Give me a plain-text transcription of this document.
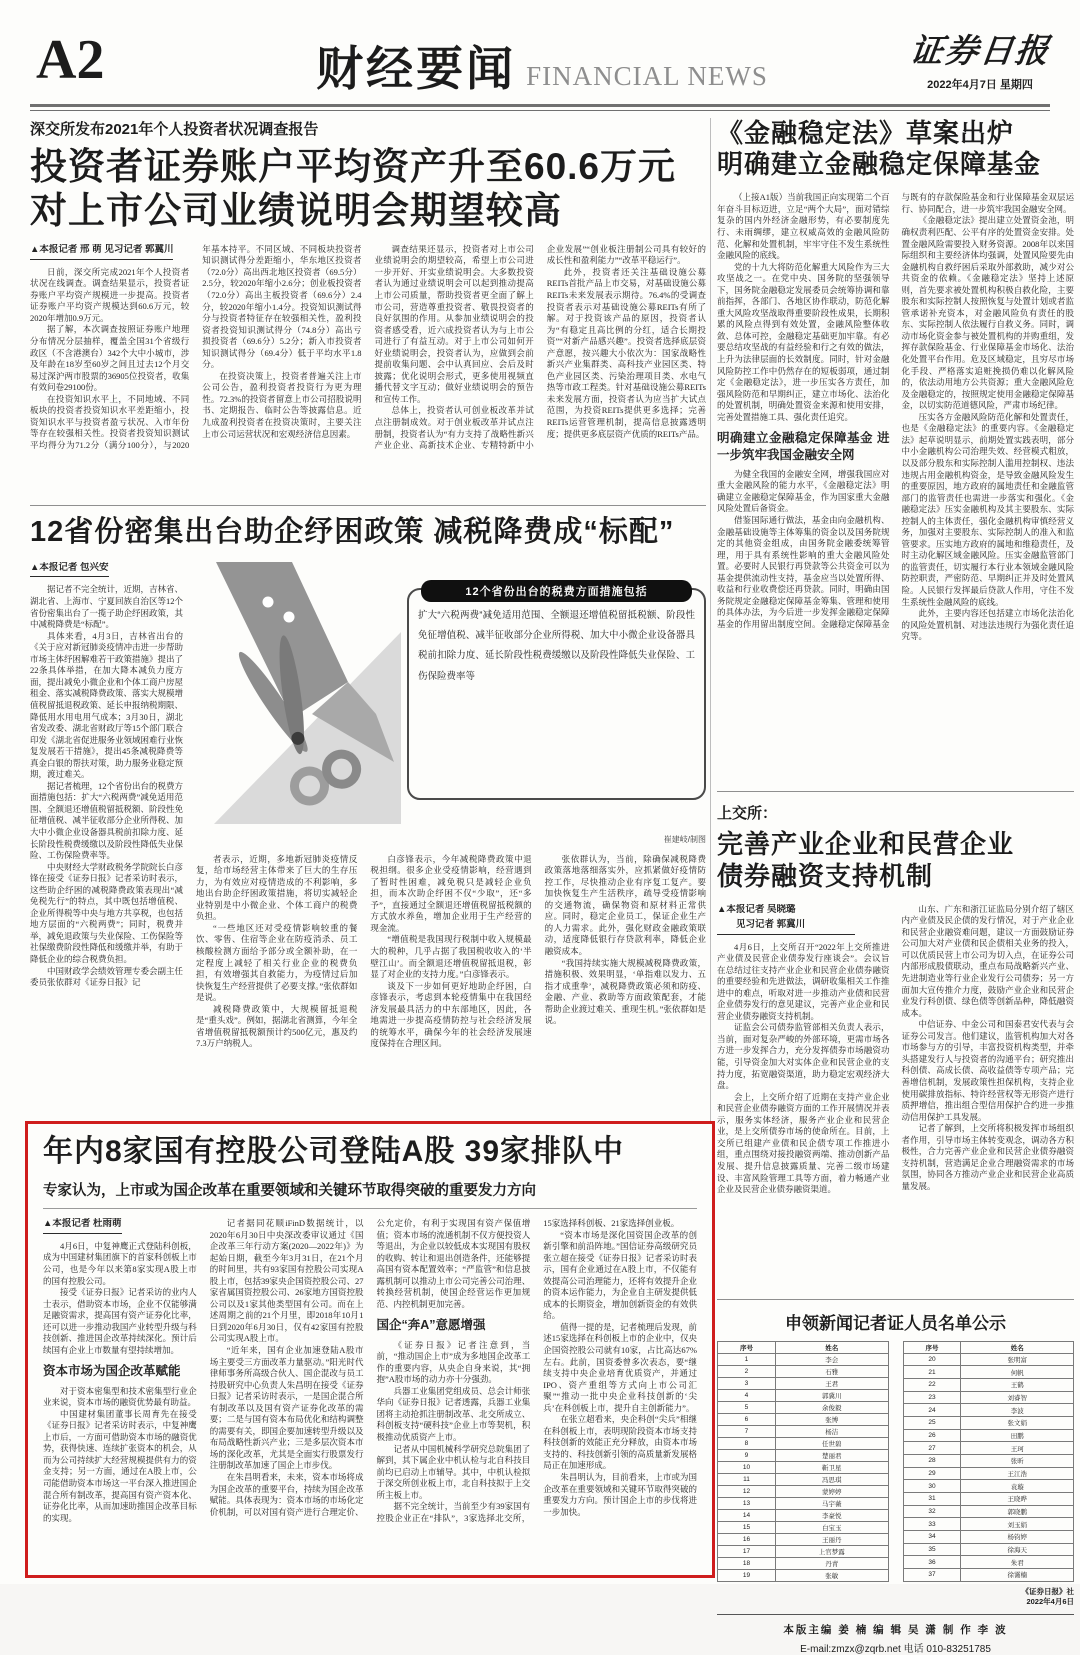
A2	财经要闻 FINANCIAL NEWS
证券日报
2022年4月7日 星期四
深交所发布2021年个人投资者状况调查报告
投资者证券账户平均资产升至60.6万元
对上市公司业绩说明会期望较高
▲本报记者 邢 萌 见习记者 郭冀川

日前，深交所完成2021年个人投资者状况在线调查。调查结果显示，投资者证券账户平均资产规模进一步提高。投资者证券账户平均资产规模达到60.6万元，较2020年增加0.9万元。

据了解，本次调查按照证券账户地理分布情况分层抽样，覆盖全国31个省级行政区（不含港澳台）342个大中小城市，涉及年龄在18岁至60岁之间且过去12个月交易过深沪两市股票的36905位投资者，收集有效问卷29100份。

在投资知识水平上，不同地域、不同板块的投资者投资知识水平差距缩小，投资知识水平与投资者盈亏状况、入市年份等存在较强相关性。投资者投资知识测试平均得分为71.2分（满分100分），与2020年基本持平。不同区域、不同板块投资者知识测试得分差距缩小，华东地区投资者（72.0分）高出西北地区投资者（69.5分）2.5分，较2020年缩小2.6分；创业板投资者（72.0分）高出主板投资者（69.6分）2.4分，较2020年缩小1.4分。投资知识测试得分与投资者特征存在较强相关性，盈利投资者投资知识测试得分（74.8分）高出亏损投资者（69.6分）5.2分；新入市投资者知识测试得分（69.4分）低于平均水平1.8分。

在投资决策上，投资者普遍关注上市公司公告，盈利投资者投资行为更为理性。72.3%的投资者留意上市公司招股说明书、定期报告、临时公告等披露信息。近九成盈利投资者在投资决策时，主要关注上市公司运营状况和宏观经济信息因素。

调查结果还显示，投资者对上市公司业绩说明会的期望较高，希望上市公司进一步开好、开实业绩说明会。大多数投资者认为通过业绩说明会可以起到推动提高上市公司质量，帮助投资者更全面了解上市公司，营造尊重投资者、敬畏投资者的良好氛围的作用。从参加业绩说明会的投资者感受看，近六成投资者认为与上市公司进行了有益互动。对于上市公司如何开好业绩说明会，投资者认为，应做到会前提前收集问题、会中认真回应、会后及时披露；优化说明会形式，更多使用视频直播代替文字互动；做好业绩说明会的预告和宣传工作。

总体上，投资者认可创业板改革并试点注册制成效。对于创业板改革并试点注册制，投资者认为“有力支持了战略性新兴产业企业、高新技术企业、专精特新中小企业发展”“创业板注册制公司具有较好的成长性和盈利能力”“改革平稳运行”。

此外，投资者还关注基础设施公募REITs首批产品上市交易，对基础设施公募REITs未来发展表示期待。76.4%的受调查投资者表示对基础设施公募REITs有所了解。对于投资该产品的原因，投资者认为“有稳定且高比例的分红，适合长期投资”“对新产品感兴趣”。投资者选择底层资产意愿，按兴趣大小依次为：国家战略性新兴产业集群类、高科技产业园区类、特色产业园区类、污染治理项目类、水电气热等市政工程类。针对基础设施公募REITs未来发展方面，投资者认为应当扩大试点范围，为投资REITs提供更多选择；完善REITs运营管理机制，提高信息披露透明度；提供更多底层资产优质的REITs产品。

12省份密集出台助企纾困政策 减税降费成“标配”
▲本报记者 包兴安

据记者不完全统计，近期，吉林省、湖北省、上海市、宁夏回族自治区等12个省份密集出台了一揽子助企纾困政策，其中减税降费是“标配”。

具体来看，4月3日，吉林省出台的《关于应对新冠肺炎疫情冲击进一步帮助市场主体纾困解难若干政策措施》提出了22条具体举措，在加大降本减负力度方面，提出减免小微企业和个体工商户房屋租金、落实减税降费政策、落实大规模增值税留抵退税政策、延长申报纳税期限、降低用水用电用气成本；3月30日，湖北省发改委、湖北省财政厅等15个部门联合印发《湖北省促进服务业领域困难行业恢复发展若干措施》，提出45条减税降费等真金白银的帮扶对策，助力服务业稳定预期，渡过难关。

据记者梳理，12个省份出台的税费方面措施包括：扩大“六税两费”减免适用范围、全额退还增值税留抵税额、阶段性免征增值税、减半征收部分企业所得税、加大中小微企业设备器具税前扣除力度、延长阶段性税费缓缴以及阶段性降低失业保险、工伤保险费率等。

中央财经大学财政税务学院院长白彦锋在接受《证券日报》记者采访时表示，这些助企纾困的减税降费政策表现出“减免税先行”的特点，其中既包括增值税、企业所得税等中央与地方共享税，也包括地方层面的“六税两费”；同时，税费并举，减免退政策与失业保险、工伤保险等社保缴费阶段性降低和缓缴并举，有助于降低企业的综合税费负担。

中国财政学会绩效管理专委会副主任委员张依群对《证券日报》记

12个省份出台的税费方面措施包括
扩大“六税两费”减免适用范围、全额退还增值税留抵税额、阶段性免征增值税、减半征收部分企业所得税、加大中小微企业设备器具税前扣除力度、延长阶段性税费缓缴以及阶段性降低失业保险、工伤保险费率等
崔建岐/制图

者表示，近期，多地新冠肺炎疫情反复，给市场经营主体带来了巨大的生存压力，为有效应对疫情造成的不利影响，多地出台助企纾困政策措施，将切实减轻企业特别是中小微企业、个体工商户的税费负担。

“一些地区还对受疫情影响较重的餐饮、零售、住宿等企业在防疫消杀、员工核酸检测方面给予部分或全额补助，在一定程度上减轻了相关行业企业的税费负担，有效增强其自救能力，为疫情过后加快恢复生产经营提供了必要支撑。”张依群如是说。

减税降费政策中，大规模留抵退税是“重头戏”。例如，据湖北省测算，今年全省增值税留抵税额预计约500亿元，惠及约7.3万户纳税人。

白彦锋表示，今年减税降费政策中退税担纲。很多企业受疫情影响，经营遇到了暂时性困难，减免税只是减轻企业负担，而本次助企纾困不仅“少取”，还“多予”，直接通过全额退还增值税留抵税额的方式放水养鱼，增加企业用于生产经营的现金流。

“增值税是我国现行税制中收入规模最大的税种，几乎占据了我国税收收入的‘半壁江山’。而全额退还增值税留抵退税，彰显了对企业的支持力度。”白彦锋表示。

谈及下一步如何更好地助企纾困，白彦锋表示，考虑到本轮疫情集中在我国经济发展最具活力的中东部地区，因此，各地需进一步提高疫情防控与社会经济发展的统筹水平，确保今年的社会经济发展速度保持在合理区间。

张依群认为，当前，除确保减税降费政策落地落细落实外，应抓紧做好疫情防控工作，尽快推动企业有序复工复产。要加快恢复生产生活秩序，疏导受疫情影响的交通物流，确保物资和原材料正常供应。同时，稳定企业员工，保证企业生产的人力需求。此外，强化财政金融政策联动，适度降低银行存贷款利率，降低企业融资成本。

“我国持续实施大规模减税降费政策，措施积极、效果明显，‘单指难以发力、五指才成重拳’，减税降费政策必须和防疫、金融、产业、救助等方面政策配套，才能帮助企业渡过难关、重现生机。”张依群如是说。

年内8家国有控股公司登陆A股 39家排队中
专家认为，上市或为国企改革在重要领域和关键环节取得突破的重要发力方向
▲本报记者 杜雨萌

4月6日，中复神鹰正式登陆科创板，成为中国建材集团旗下的首家科创板上市公司，也是今年以来第8家实现A股上市的国有控股公司。

接受《证券日报》记者采访的业内人士表示，借助资本市场，企业不仅能够满足融资需求，提高国有资产证券化比率，还可以进一步推动我国产业转型升级与科技创新、推进国企改革持续深化。预计后续国有企业上市数量有望持续增加。

资本市场为国企改革赋能

对于资本密集型和技术密集型行业企业来说，资本市场的融资优势最有助益。

中国建材集团董事长周育先在接受《证券日报》记者采访时表示，中复神鹰上市后，一方面可借助资本市场的融资优势，获得快速、连续扩张资本的机会，从而为公司持续扩大经营规模提供有力的资金支持；另一方面，通过在A股上市，公司能借助资本市场这一平台深入推进国企混合所有制改革，提高国有资产资本化、证券化比率，从而加速助推国企改革目标的实现。

记者据同花顺iFinD数据统计，以2020年6月30日中央深改委审议通过《国企改革三年行动方案(2020—2022年)》为起始日期，截至今年3月31日，在21个月的时间里，共有93家国有控股公司实现A股上市，包括39家央企国资控股公司、27家省属国资控股公司、26家地方国资控股公司以及1家其他类型国有公司。而在上述周期之前的21个月里，即2018年10月1日到2020年6月30日，仅有42家国有控股公司实现A股上市。

“近年来，国有企业加速登陆A股市场主要受三方面改革力量驱动。”阳光时代律师事务所高级合伙人、国企混改与员工持股研究中心负责人朱昌明在接受《证券日报》记者采访时表示，一是国企混合所有制改革以及国有资产证券化改革的需要；二是与国有资本布局优化和结构调整的需要有关，即国企要加速转型升级以及布局战略性新兴产业；三是多层次资本市场的深化改革，尤其是全面实行股票发行注册制改革加速了国企上市步伐。

在朱昌明看来，未来，资本市场将成为国企改革的重要平台，持续为国企改革赋能。具体表现为：资本市场的市场化定价机制，可以对国有资产进行合理定价、公允定价，有利于实现国有资产保值增值；资本市场的流通机制不仅方便投资人等退出，为企业以较低成本实现国有股权的收购、转让和退出创造条件，还能够提高国有资本配置效率；“严监管”和信息披露机制可以推动上市公司完善公司治理、转换经营机制，使国企经营运作更加规范、内控机制更加完善。

国企“奔A”意愿增强

《证券日报》记者注意到，当前，“推动国企上市”成为多地国企改革工作的重要内容，从央企自身来说，其“拥抱”A股市场的动力亦十分强劲。

兵器工业集团党组成员、总会计师张华向《证券日报》记者透露，兵器工业集团将主动抢抓注册制改革、北交所成立、科创板支持“硬科技”企业上市等契机，积极推动优质资产上市。

记者从中国机械科学研究总院集团了解到，其下属企业中机认检与北自科技目前均已启动上市辅导。其中，中机认检拟于深交所创业板上市，北自科技拟于上交所主板上市。

据不完全统计，当前至少有39家国有控股企业正在“排队”，3家选择北交所，15家选择科创板、21家选择创业板。

“资本市场是深化国资国企改革的创新引擎和前沿阵地。”国信证券高级研究员张立超在接受《证券日报》记者采访时表示，国有企业通过在A股上市，不仅能有效提高公司治理能力，还将有效提升企业的资本运作能力，为企业自主研发提供低成本的长期资金，增加创新资金的有效供给。

值得一提的是，记者梳理后发现，前述15家选择在科创板上市的企业中，仅央企国资控股公司就有10家，占比高达67%左右。此前，国资委曾多次表态，要“继续支持中央企业培育优质资产，并通过IPO、资产重组等方式向上市公司汇聚”“推动一批中央企业科技创新的‘尖兵’在科创板上市，提升自主创新能力”。

在张立超看来，央企科创“尖兵”相继在科创板上市，表明现阶段资本市场支持科技创新的效能正充分释放，由资本市场支持的、科技创新引领的高质量新发展格局正在加速形成。

朱昌明认为，目前看来，上市或为国企改革在重要领域和关键环节取得突破的重要发力方向。预计国企上市的步伐将进一步加快。

《金融稳定法》草案出炉
明确建立金融稳定保障基金

（上接A1版）当前我国正向实现第二个百年奋斗目标迈进，立足“两个大局”，面对错综复杂的国内外经济金融形势，有必要制度先行、未雨绸缪，建立权威高效的金融风险防范、化解和处置机制，牢牢守住不发生系统性金融风险的底线。

党的十九大将防范化解重大风险作为三大攻坚战之一。在党中央、国务院的坚强领导下，国务院金融稳定发展委员会统筹协调和靠前指挥，各部门、各地区协作联动，防范化解重大风险攻坚战取得重要阶段性成果，长期积累的风险点得到有效处置，金融风险整体收敛、总体可控，金融稳定基础更加牢靠。有必要总结攻坚战的有益经验和行之有效的做法，上升为法律层面的长效制度。同时，针对金融风险防控工作中仍然存在的短板弱项，通过制定《金融稳定法》，进一步压实各方责任，加强风险防范和早期纠正，建立市场化、法治化的处置机制，明确处置资金来源和使用安排，完善处置措施工具、强化责任追究。

明确建立金融稳定保障基金 进一步筑牢我国金融安全网

为健全我国的金融安全网，增强我国应对重大金融风险的能力水平，《金融稳定法》明确建立金融稳定保障基金，作为国家重大金融风险处置后备资金。

借鉴国际通行做法，基金由向金融机构、金融基础设施等主体筹集的资金以及国务院规定的其他资金组成，由国务院金融委统筹管理，用于具有系统性影响的重大金融风险处置。必要时人民银行再贷款等公共资金可以为基金提供流动性支持，基金应当以处置所得、收益和行业收费偿还再贷款。同时，明确由国务院规定金融稳定保障基金筹集、管理和使用的具体办法，为今后进一步发挥金融稳定保障基金的作用留出制度空间。金融稳定保障基金与既有的存款保险基金和行业保障基金双层运行、协同配合，进一步筑牢我国金融安全网。

《金融稳定法》提出建立处置资金池，明确权责利匹配、公平有序的处置资金安排。处置金融风险需要投入财务资源。2008年以来国际组织和主要经济体均强调，处置风险要先由金融机构自救纾困后采取外部救助，减少对公共资金的依赖。《金融稳定法》坚持上述原则，首先要求被处置机构积极自救化险，主要股东和实际控制人按照恢复与处置计划或者监管承诺补充资本，对金融风险负有责任的股东、实际控制人依法履行自救义务。同时，调动市场化资金参与被处置机构的并购重组，发挥存款保险基金、行业保障基金市场化、法治化处置平台作用。危及区域稳定，且穷尽市场化手段、严格落实追赃挽损仍难以化解风险的，依法动用地方公共资源；重大金融风险危及金融稳定的，按照规定使用金融稳定保障基金，以切实防范道德风险，严肃市场纪律。

压实各方金融风险防范化解和处置责任，也是《金融稳定法》的重要内容。《金融稳定法》起草说明显示，前期处置实践表明，部分中小金融机构公司治理失效、经营模式粗放，以及部分股东和实际控制人滥用控制权、违法违规占用金融机构资金，是导致金融风险发生的重要原因，地方政府的属地责任和金融监管部门的监管责任也需进一步落实和强化。《金融稳定法》压实金融机构及其主要股东、实际控制人的主体责任，强化金融机构审慎经营义务，加强对主要股东、实际控制人的准入和监管要求。压实地方政府的属地和维稳责任，及时主动化解区域金融风险。压实金融监管部门的监管责任，切实履行本行业本领域金融风险防控职责，严密防范、早期纠正并及时处置风险。人民银行发挥最后贷款人作用，守住不发生系统性金融风险的底线。

此外，主要内容还包括建立市场化法治化的风险处置机制、对违法违规行为强化责任追究等。

上交所：
完善产业企业和民营企业
债券融资支持机制
▲本报记者 吴晓璐
见习记者 郭冀川

4月6日，上交所召开“2022年上交所推进产业债及民营企业债券发行座谈会”。会议旨在总结过往支持产业企业和民营企业债券融资的重要经验和先进做法，调研收集相关工作推进中的难点，听取对进一步推动产业债和民营企业债券发行的意见建议，完善产业企业和民营企业债券融资支持机制。

证监会公司债券监管部相关负责人表示，当前，面对复杂严峻的外部环境，更需市场各方进一步发挥合力，充分发挥债券市场融资功能，引导资金加大对实体企业和民营企业的支持力度，拓宽融资渠道，助力稳定宏观经济大盘。

会上，上交所介绍了近期在支持产业企业和民营企业债券融资方面的工作开展情况并表示，服务实体经济，服务产业企业和民营企业，是上交所债券市场的使命所在。目前，上交所已组建产业债和民企债专项工作推进小组，重点围绕对接投融资两端、推动创新产品发展、提升信息披露质量、完善二级市场建设、丰富风险管理工具等方面，着力畅通产业企业及民营企业债券融资渠道。

山东、广东和浙江证监局分别介绍了辖区内产业债及民企债的发行情况，对于产业企业和民营企业融资难问题，建议一方面鼓励证券公司加大对产业债和民企债相关业务的投入，可以优质民营上市公司为切入点，在证券公司内部形成股债联动，重点布局战略新兴产业、先进制造业等行业企业发行公司债券；另一方面加大宣传推介力度，鼓励产业企业和民营企业发行科创债、绿色债等创新品种，降低融资成本。

中信证券、中金公司和国泰君安代表与会证券公司发言。他们建议，监管机构加大对各市场参与方的引导，丰富投资机构类型，并牵头搭建发行人与投资者的沟通平台；研究推出科创债、高成长债、高收益债等专项产品；完善增信机制，发展政策性担保机构，支持企业使用碳排放指标、特许经营权等无形资产进行质押增信，推出组合型信用保护合约进一步推动信用保护工具发展。

记者了解到，上交所将积极发挥市场组织者作用，引导市场主体转变观念，调动各方积极性，合力完善产业企业和民营企业债券融资支持机制，营造满足企业合理融资需求的市场氛围，协同各方推动产业企业和民营企业高质量发展。

申领新闻记者证人员名单公示
序号	姓名
1	李会
2	石雅
3	王君
4	郭冀川
5	余俊毅
6	张博
7	杨洁
8	任世碧
9	楚丽君
10	靳卫星
11	冯思琪
12	蒙婷婷
13	马宇薇
14	李豪悦
15	白宝玉
16	王丽丹
17	上官梦露
18	丹青
19	张敏
序号	姓名
20	张明富
21	何帆
22	王鹤
23	刘睿智
24	李波
25	张文娟
26	田鹏
27	王珂
28	张昕
29	王江浩
30	袁璇
31	王晓晔
32	郭晓鹏
33	刘玉娟
34	杨钧婷
35	徐海天
36	朱君
37	徐霭楠
《证券日报》社
2022年4月6日
本版主编 姜 楠 编 辑 吴 潇 制 作 李 波
E-mail:zmzx@zqrb.net 电话 010-83251785
